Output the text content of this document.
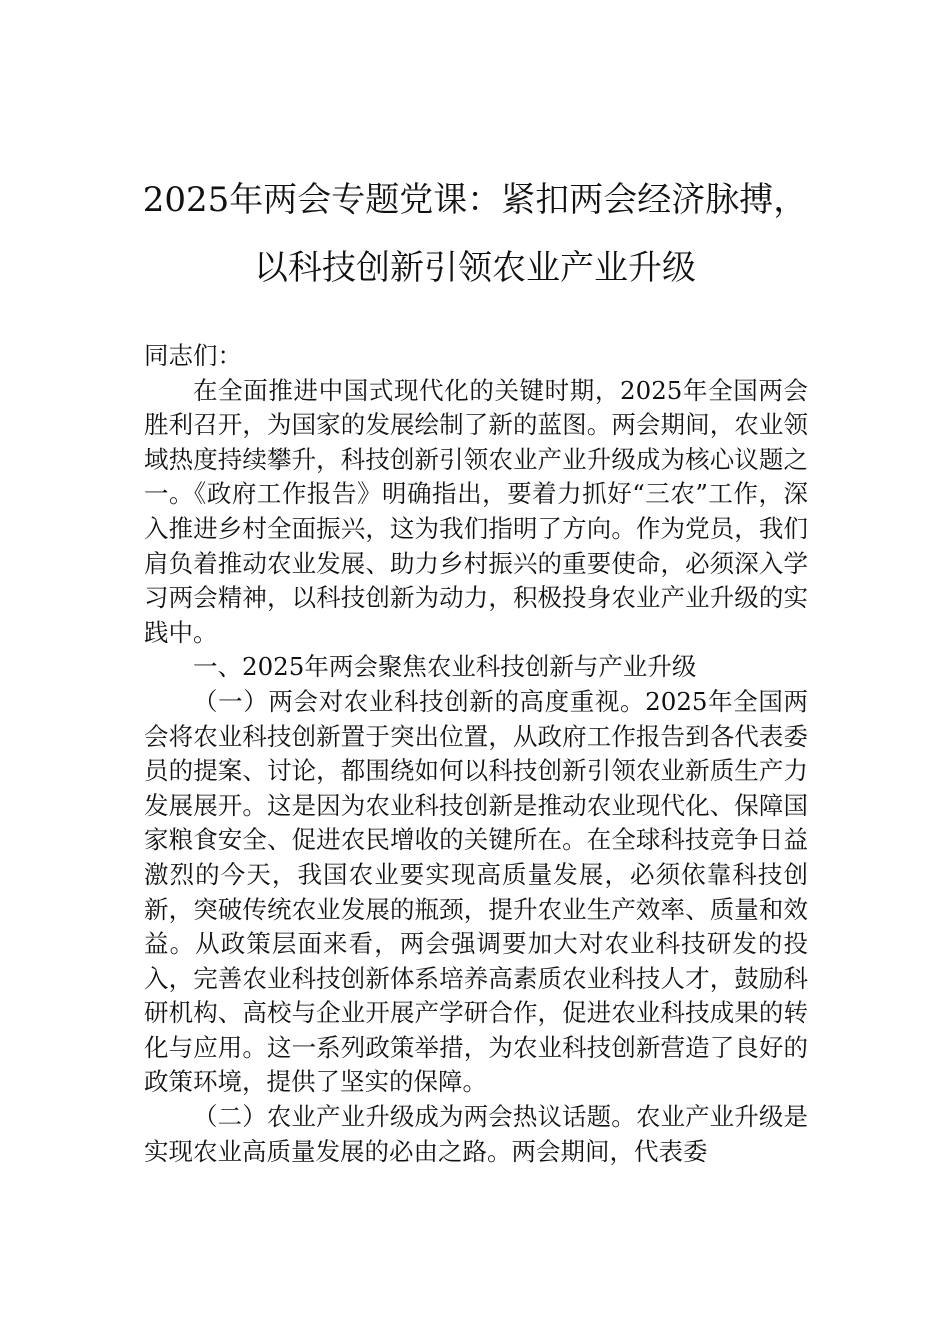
2025年两会专题党课：紧扣两会经济脉搏，
以科技创新引领农业产业升级

同志们：

在全面推进中国式现代化的关键时期，2025年全国两会胜利召开，为国家的发展绘制了新的蓝图。两会期间，农业领域热度持续攀升，科技创新引领农业产业升级成为核心议题之一。《政府工作报告》明确指出，要着力抓好“三农”工作，深入推进乡村全面振兴，这为我们指明了方向。作为党员，我们肩负着推动农业发展、助力乡村振兴的重要使命，必须深入学习两会精神，以科技创新为动力，积极投身农业产业升级的实践中。

一、2025年两会聚焦农业科技创新与产业升级

（一）两会对农业科技创新的高度重视。2025年全国两会将农业科技创新置于突出位置，从政府工作报告到各代表委员的提案、讨论，都围绕如何以科技创新引领农业新质生产力发展展开。这是因为农业科技创新是推动农业现代化、保障国家粮食安全、促进农民增收的关键所在。在全球科技竞争日益激烈的今天，我国农业要实现高质量发展，必须依靠科技创新，突破传统农业发展的瓶颈，提升农业生产效率、质量和效益。从政策层面来看，两会强调要加大对农业科技研发的投入，完善农业科技创新体系培养高素质农业科技人才，鼓励科研机构、高校与企业开展产学研合作，促进农业科技成果的转化与应用。这一系列政策举措，为农业科技创新营造了良好的政策环境，提供了坚实的保障。

（二）农业产业升级成为两会热议话题。农业产业升级是实现农业高质量发展的必由之路。两会期间，代表委
